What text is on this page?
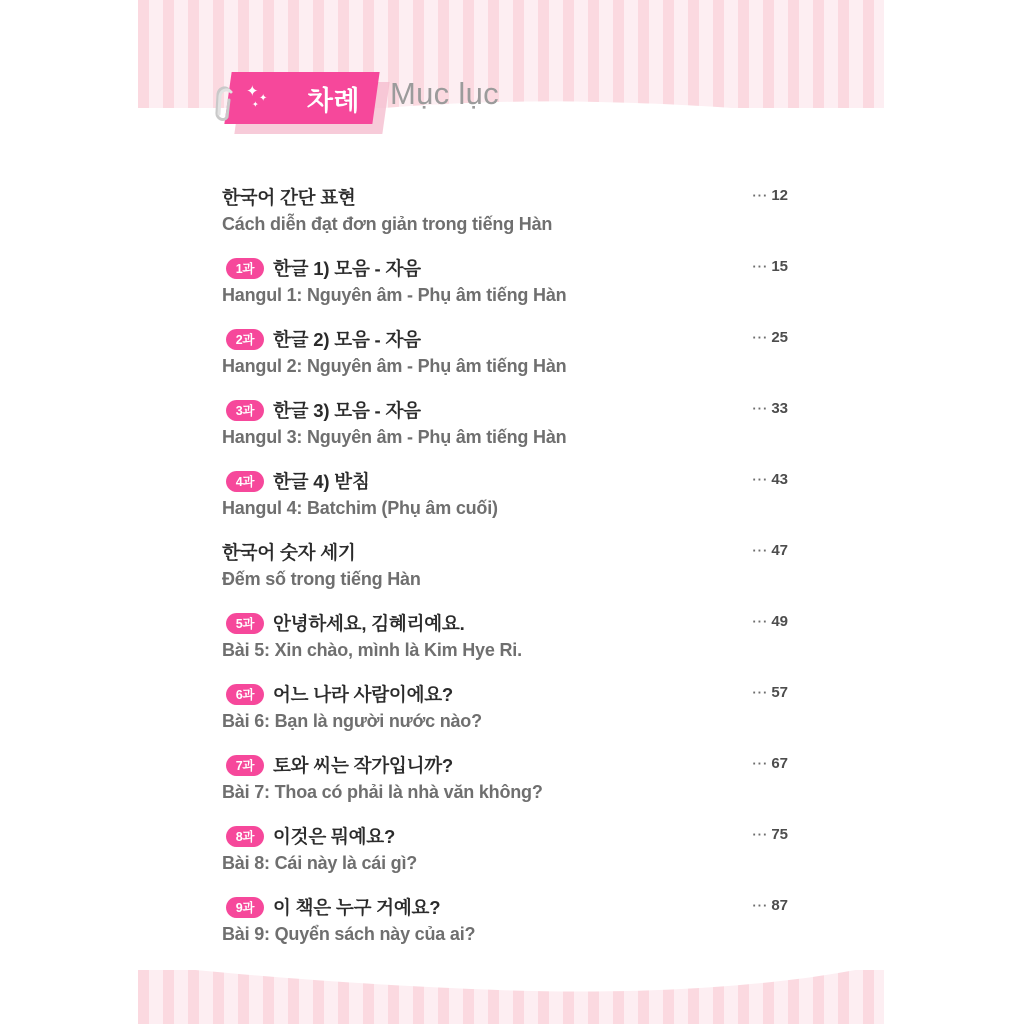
차례
✦ ✦
✦	Mục lục
한국어 간단 표현
Cách diễn đạt đơn giản trong tiếng Hàn
··· 12
1과	한글 1) 모음 - 자음
Hangul 1: Nguyên âm - Phụ âm tiếng Hàn
··· 15
2과	한글 2) 모음 - 자음
Hangul 2: Nguyên âm - Phụ âm tiếng Hàn
··· 25
3과	한글 3) 모음 - 자음
Hangul 3: Nguyên âm - Phụ âm tiếng Hàn
··· 33
4과	한글 4) 받침
Hangul 4: Batchim (Phụ âm cuối)
··· 43
한국어 숫자 세기
Đếm số trong tiếng Hàn
··· 47
5과	안녕하세요, 김혜리예요.
Bài 5: Xin chào, mình là Kim Hye Ri.
··· 49
6과	어느 나라 사람이에요?
Bài 6: Bạn là người nước nào?
··· 57
7과	토와 씨는 작가입니까?
Bài 7: Thoa có phải là nhà văn không?
··· 67
8과	이것은 뭐예요?
Bài 8: Cái này là cái gì?
··· 75
9과	이 책은 누구 거예요?
Bài 9: Quyển sách này của ai?
··· 87
